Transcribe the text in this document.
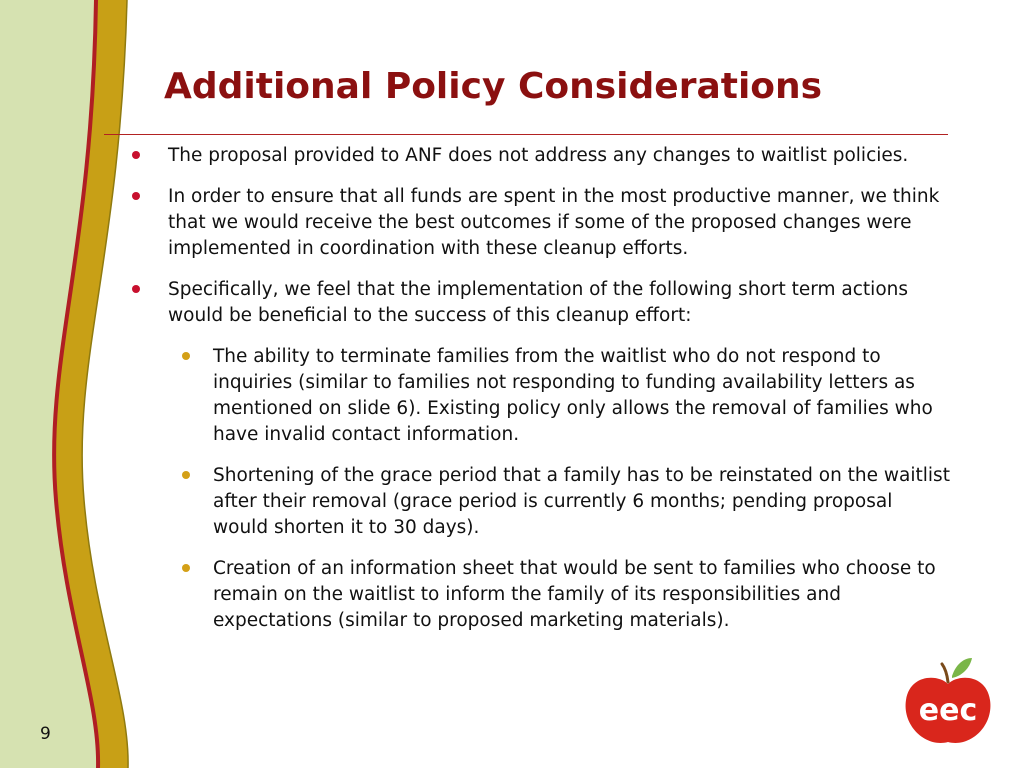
Additional Policy Considerations
The proposal provided to ANF does not address any changes to waitlist policies.
In order to ensure that all funds are spent in the most productive manner, we think that we would receive the best outcomes if some of the proposed changes were implemented in coordination with these cleanup efforts.
Specifically, we feel that the implementation of the following short term actions would be beneficial to the success of this cleanup effort:
The ability to terminate families from the waitlist who do not respond to inquiries (similar to families not responding to funding availability letters as mentioned on slide 6). Existing policy only allows the removal of families who have invalid contact information.
Shortening of the grace period that a family has to be reinstated on the waitlist after their removal (grace period is currently 6 months; pending proposal would shorten it to 30 days).
Creation of an information sheet that would be sent to families who choose to remain on the waitlist to inform the family of its responsibilities and expectations (similar to proposed marketing materials).
9
eec
